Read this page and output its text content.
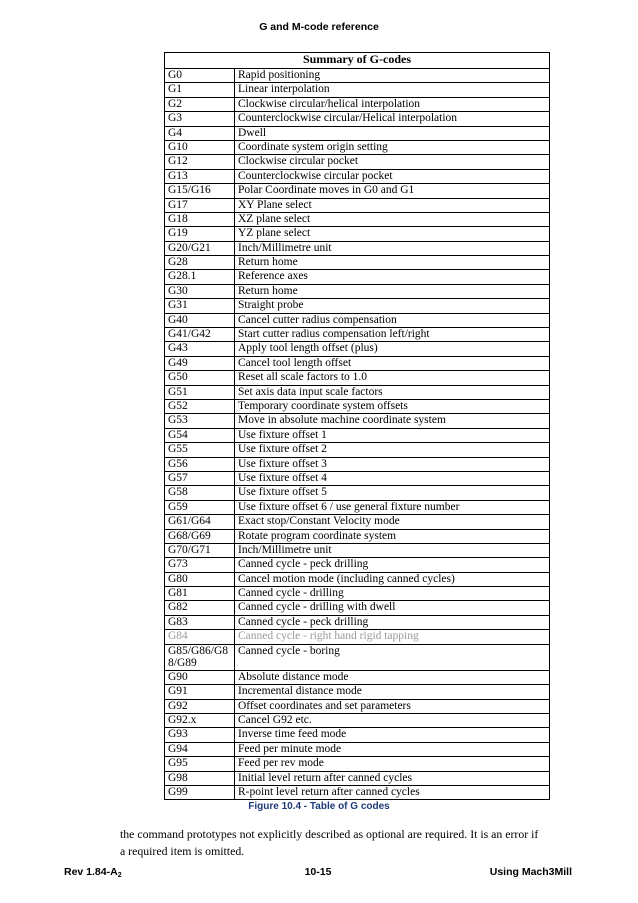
G and M-code reference
Summary of G-codes	
G0	Rapid positioning
G1	Linear interpolation
G2	Clockwise circular/helical interpolation
G3	Counterclockwise circular/Helical interpolation
G4	Dwell
G10	Coordinate system origin setting
G12	Clockwise circular pocket
G13	Counterclockwise circular pocket
G15/G16	Polar Coordinate moves in G0 and G1
G17	XY Plane select
G18	XZ plane select
G19	YZ plane select
G20/G21	Inch/Millimetre unit
G28	Return home
G28.1	Reference axes
G30	Return home
G31	Straight probe
G40	Cancel cutter radius compensation
G41/G42	Start cutter radius compensation left/right
G43	Apply tool length offset (plus)
G49	Cancel tool length offset
G50	Reset all scale factors to 1.0
G51	Set axis data input scale factors
G52	Temporary coordinate system offsets
G53	Move in absolute machine coordinate system
G54	Use fixture offset 1
G55	Use fixture offset 2
G56	Use fixture offset 3
G57	Use fixture offset 4
G58	Use fixture offset 5
G59	Use fixture offset 6 / use general fixture number
G61/G64	Exact stop/Constant Velocity mode
G68/G69	Rotate program coordinate system
G70/G71	Inch/Millimetre unit
G73	Canned cycle - peck drilling
G80	Cancel motion mode (including canned cycles)
G81	Canned cycle - drilling
G82	Canned cycle - drilling with dwell
G83	Canned cycle - peck drilling
G84	Canned cycle - right hand rigid tapping
G85/G86/G88/G89	Canned cycle - boring
G90	Absolute distance mode
G91	Incremental distance mode
G92	Offset coordinates and set parameters
G92.x	Cancel G92 etc.
G93	Inverse time feed mode
G94	Feed per minute mode
G95	Feed per rev mode
G98	Initial level return after canned cycles
G99	R-point level return after canned cycles
Figure 10.4 - Table of G codes
the command prototypes not explicitly described as optional are required. It is an error if a required item is omitted.
Rev $1.84-A_2$	10-15	Using Mach3Mill
